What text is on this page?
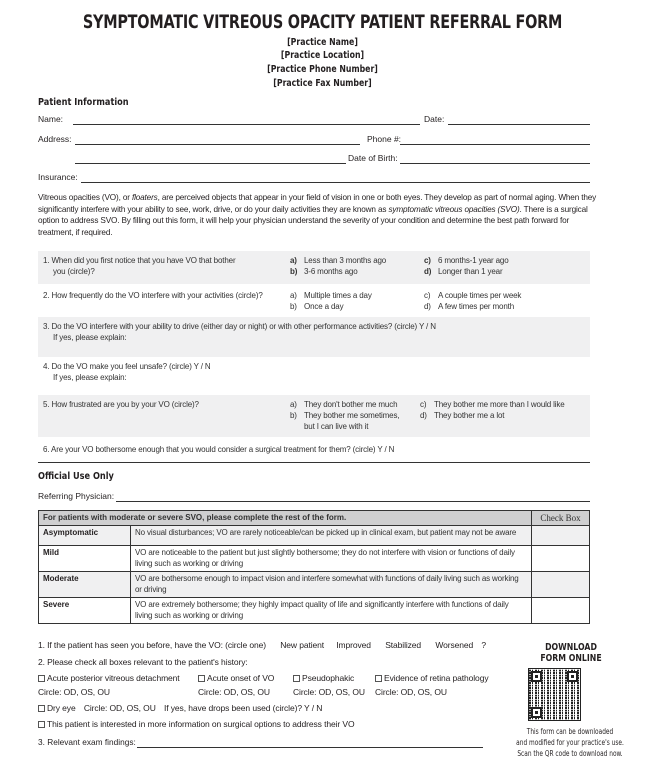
SYMPTOMATIC VITREOUS OPACITY PATIENT REFERRAL FORM
[Practice Name]
[Practice Location]
[Practice Phone Number]
[Practice Fax Number]
Patient Information
Name:	Date:
Address:	Phone #:
Date of Birth:
Insurance:
Vitreous opacities (VO), or floaters, are perceived objects that appear in your field of vision in one or both eyes. They develop as part of normal aging. When they significantly interfere with your ability to see, work, drive, or do your daily activities they are known as symptomatic vitreous opacities (SVO). There is a surgical option to address SVO. By filling out this form, it will help your physician understand the severity of your condition and determine the best path forward for treatment, if required.
1. When did you first notice that you have VO that bother
you (circle)?
a) Less than 3 months ago
b) 3-6 months ago
c) 6 months-1 year ago
d) Longer than 1 year
2. How frequently do the VO interfere with your activities (circle)?	a) Multiple times a day
b) Once a day
c) A couple times per week
d) A few times per month
3. Do the VO interfere with your ability to drive (either day or night) or with other performance activities? (circle) Y / N
If yes, please explain:
4. Do the VO make you feel unsafe? (circle) Y / N
If yes, please explain:
5. How frustrated are you by your VO (circle)?	a) They don't bother me much
b) They bother me sometimes,
but I can live with it
c) They bother me more than I would like
d) They bother me a lot
6. Are your VO bothersome enough that you would consider a surgical treatment for them? (circle) Y / N
Official Use Only
Referring Physician:
For patients with moderate or severe SVO, please complete the rest of the form.		Check Box
Asymptomatic	No visual disturbances; VO are rarely noticeable/can be picked up in clinical exam, but patient may not be aware	
Mild	VO are noticeable to the patient but just slightly bothersome; they do not interfere with vision or functions of daily living such as working or driving	
Moderate	VO are bothersome enough to impact vision and interfere somewhat with functions of daily living such as working or driving	
Severe	VO are extremely bothersome; they highly impact quality of life and significantly interfere with functions of daily living such as working or driving	
1. If the patient has seen you before, have the VO: (circle one) New patient Improved Stabilized Worsened ?
2. Please check all boxes relevant to the patient's history:
Acute posterior vitreous detachment
Circle: OD, OS, OU
Acute onset of VO
Circle: OD, OS, OU
Pseudophakic
Circle: OD, OS, OU
Evidence of retina pathology
Circle: OD, OS, OU
Dry eye Circle: OD, OS, OU If yes, have drops been used (circle)? Y / N
This patient is interested in more information on surgical options to address their VO
3. Relevant exam findings:
DOWNLOAD
FORM ONLINE
This form can be downloaded
and modified for your practice's use.
Scan the QR code to download now.
